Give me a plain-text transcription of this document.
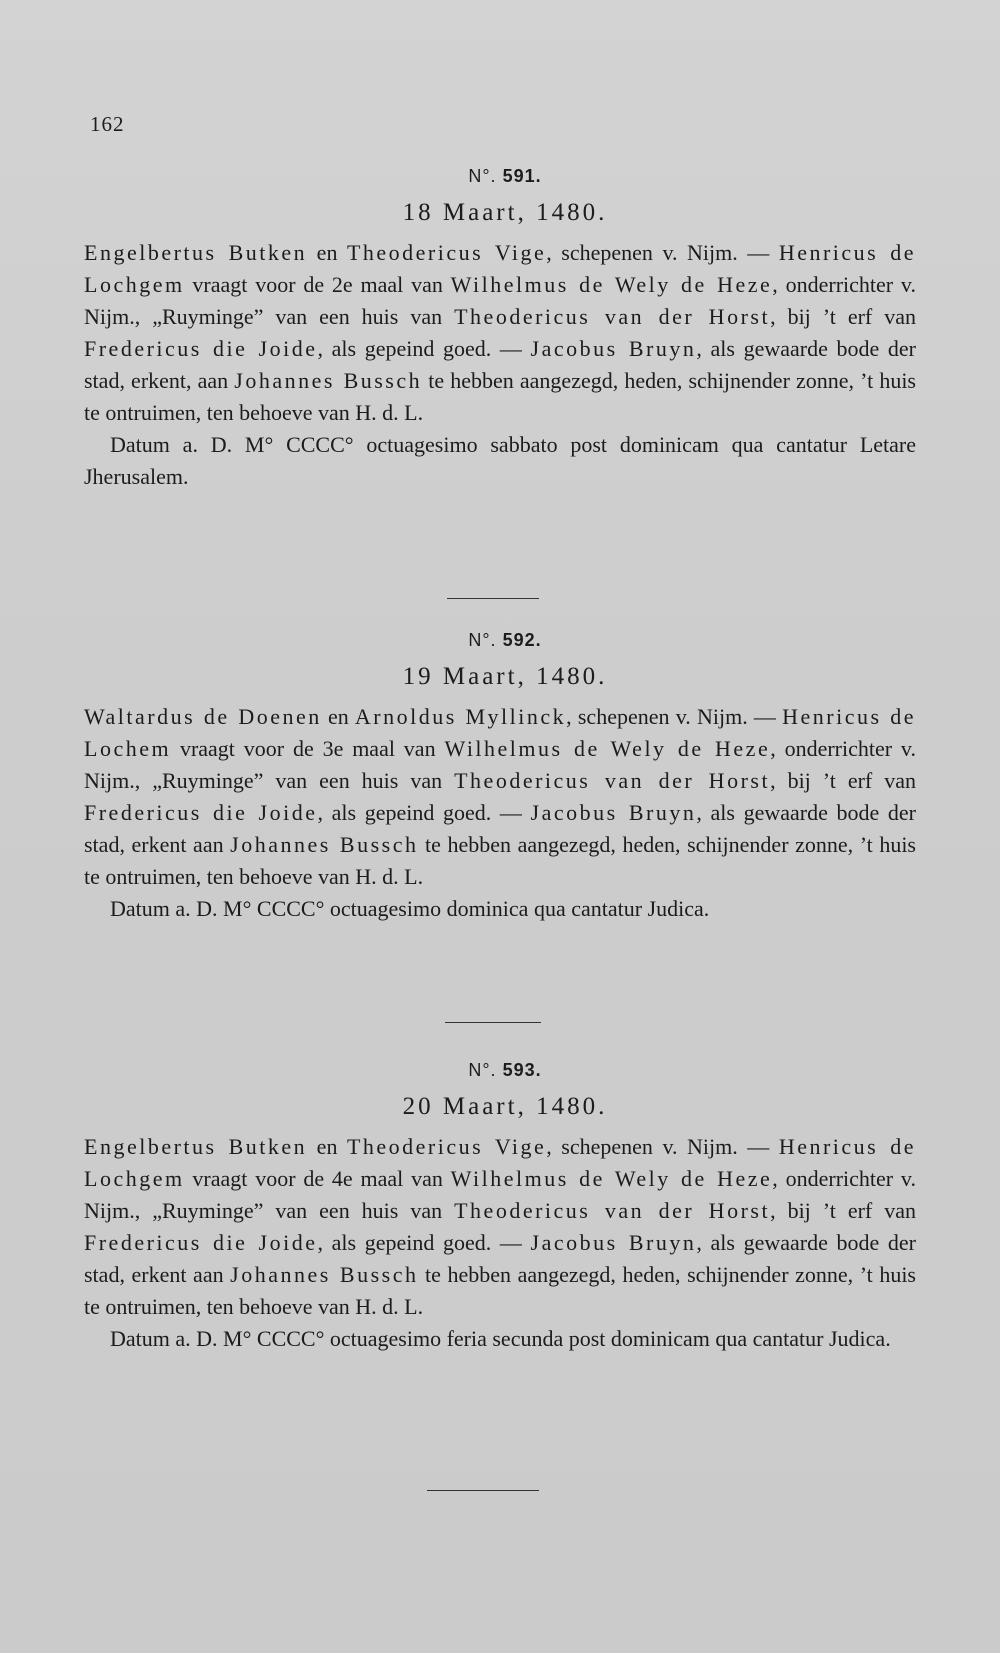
162
N°. 591.
18 Maart, 1480.

Engelbertus Butken en Theodericus Vige, schepenen v. Nijm. — Henricus de Lochgem vraagt voor de 2e maal van Wilhelmus de Wely de Heze, onderrichter v. Nijm., „Ruyminge” van een huis van Theodericus van der Horst, bij ’t erf van Fredericus die Joide, als gepeind goed. — Jacobus Bruyn, als gewaarde bode der stad, erkent, aan Johannes Bussch te hebben aangezegd, heden, schijnender zonne, ’t huis te ontruimen, ten behoeve van H. d. L.

Datum a. D. M° CCCC° octuagesimo sabbato post dominicam qua cantatur Letare Jherusalem.

N°. 592.
19 Maart, 1480.

Waltardus de Doenen en Arnoldus Myllinck, schepenen v. Nijm. — Henricus de Lochem vraagt voor de 3e maal van Wilhelmus de Wely de Heze, onderrichter v. Nijm., „Ruyminge” van een huis van Theodericus van der Horst, bij ’t erf van Fredericus die Joide, als gepeind goed. — Jacobus Bruyn, als gewaarde bode der stad, erkent aan Johannes Bussch te hebben aangezegd, heden, schijnender zonne, ’t huis te ontruimen, ten behoeve van H. d. L.

Datum a. D. M° CCCC° octuagesimo dominica qua cantatur Judica.

N°. 593.
20 Maart, 1480.

Engelbertus Butken en Theodericus Vige, schepenen v. Nijm. — Henricus de Lochgem vraagt voor de 4e maal van Wilhelmus de Wely de Heze, onderrichter v. Nijm., „Ruyminge” van een huis van Theodericus van der Horst, bij ’t erf van Fredericus die Joide, als gepeind goed. — Jacobus Bruyn, als gewaarde bode der stad, erkent aan Johannes Bussch te hebben aangezegd, heden, schijnender zonne, ’t huis te ontruimen, ten behoeve van H. d. L.

Datum a. D. M° CCCC° octuagesimo feria secunda post dominicam qua cantatur Judica.
